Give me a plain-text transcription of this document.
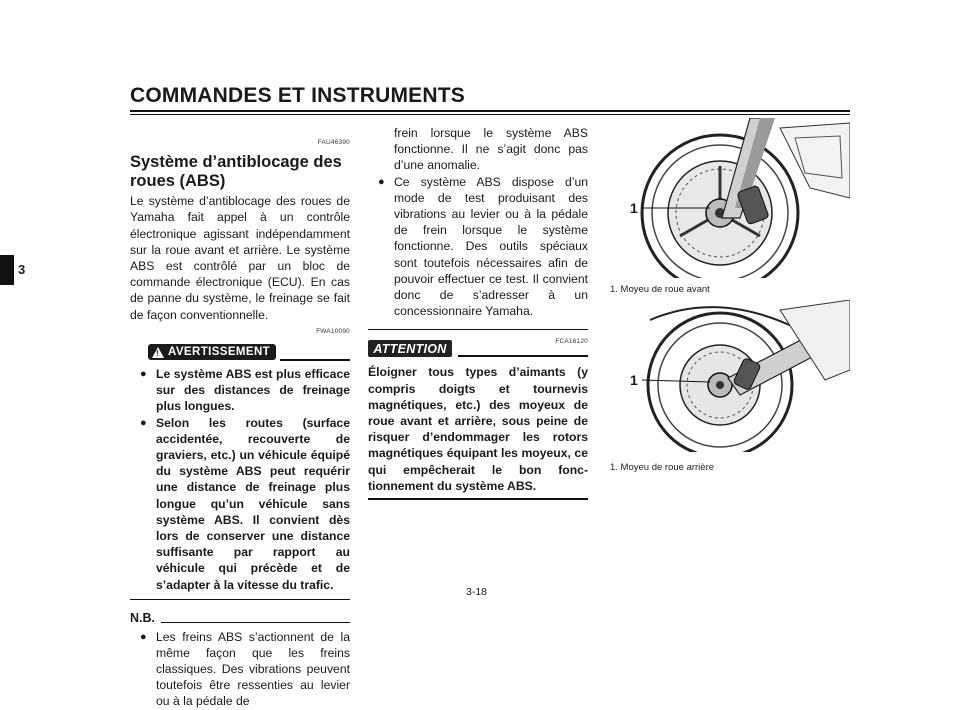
COMMANDES ET INSTRUMENTS
3
FAU46390
Système d’antiblocage des roues (ABS)

Le système d’antiblocage des roues de Yamaha fait appel à un contrôle électronique agissant indépendamment sur la roue avant et arrière. Le système ABS est contrôlé par un bloc de commande électronique (ECU). En cas de panne du système, le freinage se fait de façon conventionnelle.

FWA10090
! AVERTISSEMENT
● Le système ABS est plus efficace sur des distances de freinage plus longues.
● Selon les routes (surface accidentée, recouverte de graviers, etc.) un véhicule équipé du système ABS peut requérir une distance de freinage plus longue qu’un véhicule sans système ABS. Il convient dès lors de conserver une distance suffisante par rapport au véhicule qui précède et de s’adapter à la vitesse du trafic.
N.B.
● Les freins ABS s’actionnent de la même façon que les freins classiques. Des vibrations peuvent toutefois être ressenties au levier ou à la pédale de

frein lorsque le système ABS fonctionne. Il ne s’agit donc pas d’une anomalie.

● Ce système ABS dispose d’un mode de test produisant des vibrations au levier ou à la pédale de frein lorsque le système fonctionne. Des outils spéciaux sont toutefois nécessaires afin de pouvoir effectuer ce test. Il convient donc de s’adresser à un concessionnaire Yamaha.
ATTENTION	FCA16120

Éloigner tous types d’aimants (y compris doigts et tournevis magnétiques, etc.) des moyeux de roue avant et arrière, sous peine de risquer d’endommager les rotors magnétiques équipant les moyeux, ce qui empêcherait le bon fonctionnement du système ABS.

1
1. Moyeu de roue avant
1
1. Moyeu de roue arrière
3-18
